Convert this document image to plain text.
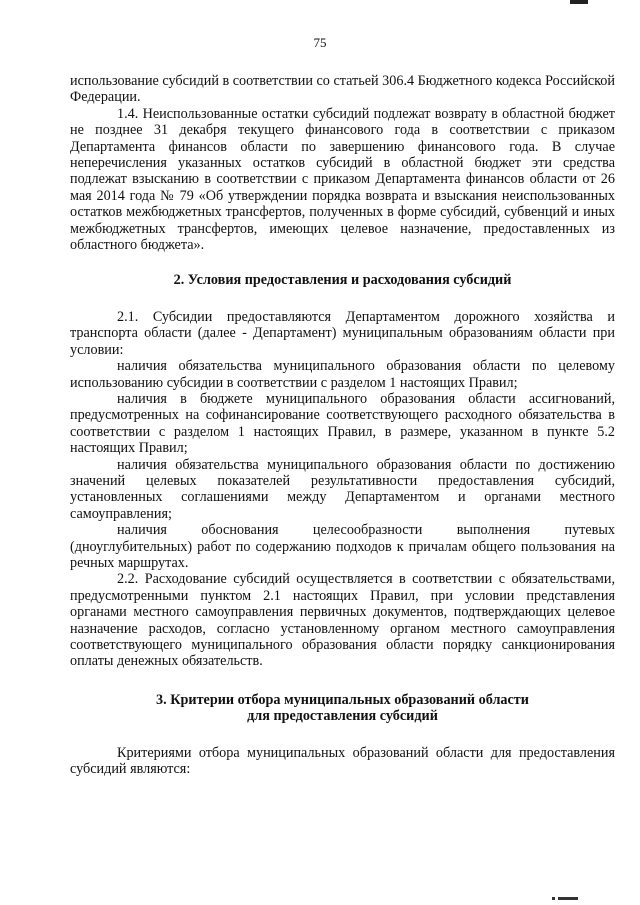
75

использование субсидий в соответствии со статьей 306.4 Бюджетного кодекса Российской Федерации.

1.4. Неиспользованные остатки субсидий подлежат возврату в областной бюджет не позднее 31 декабря текущего финансового года в соответствии с приказом Департамента финансов области по завершению финансового года. В случае неперечисления указанных остатков субсидий в областной бюджет эти средства подлежат взысканию в соответствии с приказом Департамента финансов области от 26 мая 2014 года № 79 «Об утверждении порядка возврата и взыскания неиспользованных остатков межбюджетных трансфертов, полученных в форме субсидий, субвенций и иных межбюджетных трансфертов, имеющих целевое назначение, предоставленных из областного бюджета».

2. Условия предоставления и расходования субсидий

2.1. Субсидии предоставляются Департаментом дорожного хозяйства и транспорта области (далее - Департамент) муниципальным образованиям области при условии:

наличия обязательства муниципального образования области по целевому использованию субсидии в соответствии с разделом 1 настоящих Правил;

наличия в бюджете муниципального образования области ассигнований, предусмотренных на софинансирование соответствующего расходного обязательства в соответствии с разделом 1 настоящих Правил, в размере, указанном в пункте 5.2 настоящих Правил;

наличия обязательства муниципального образования области по достижению значений целевых показателей результативности предоставления субсидий, установленных соглашениями между Департаментом и органами местного самоуправления;

наличия обоснования целесообразности выполнения путевых (дноуглубительных) работ по содержанию подходов к причалам общего пользования на речных маршрутах.

2.2. Расходование субсидий осуществляется в соответствии с обязательствами, предусмотренными пунктом 2.1 настоящих Правил, при условии представления органами местного самоуправления первичных документов, подтверждающих целевое назначение расходов, согласно установленному органом местного самоуправления соответствующего муниципального образования области порядку санкционирования оплаты денежных обязательств.

3. Критерии отбора муниципальных образований области
для предоставления субсидий

Критериями отбора муниципальных образований области для предоставления субсидий являются:
